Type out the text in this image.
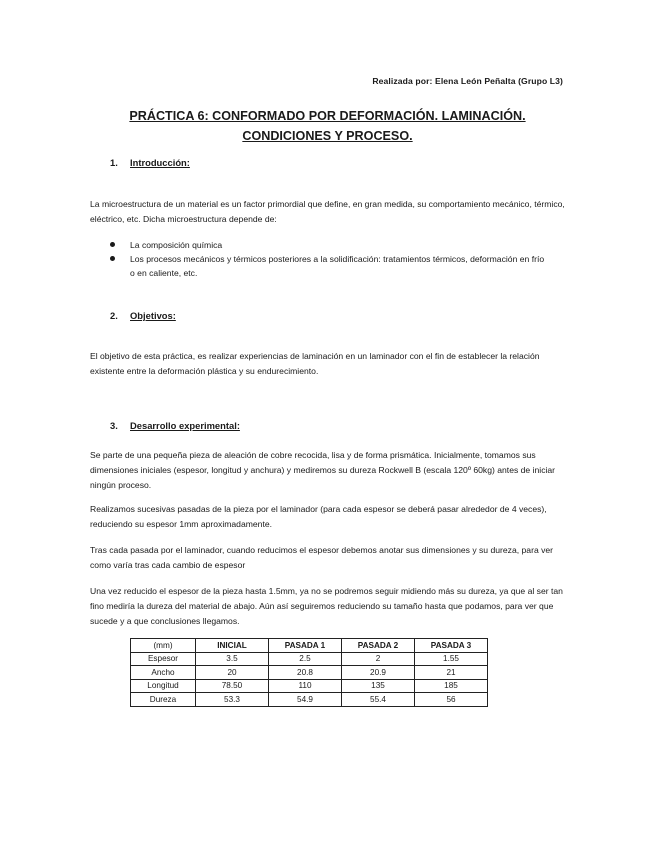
Realizada por: Elena León Peñalta (Grupo L3)
PRÁCTICA 6: CONFORMADO POR DEFORMACIÓN. LAMINACIÓN.
CONDICIONES Y PROCESO.
1. Introducción:

La microestructura de un material es un factor primordial que define, en gran medida, su comportamiento mecánico, térmico, eléctrico, etc. Dicha microestructura depende de:

La composición química
Los procesos mecánicos y térmicos posteriores a la solidificación: tratamientos térmicos, deformación en frío o en caliente, etc.
2. Objetivos:

El objetivo de esta práctica, es realizar experiencias de laminación en un laminador con el fin de establecer la relación existente entre la deformación plástica y su endurecimiento.

3. Desarrollo experimental:

Se parte de una pequeña pieza de aleación de cobre recocida, lisa y de forma prismática. Inicialmente, tomamos sus dimensiones iniciales (espesor, longitud y anchura) y mediremos su dureza Rockwell B (escala 120º 60kg) antes de iniciar ningún proceso.

Realizamos sucesivas pasadas de la pieza por el laminador (para cada espesor se deberá pasar alrededor de 4 veces), reduciendo su espesor 1mm aproximadamente.

Tras cada pasada por el laminador, cuando reducimos el espesor debemos anotar sus dimensiones y su dureza, para ver como varía tras cada cambio de espesor

Una vez reducido el espesor de la pieza hasta 1.5mm, ya no se podremos seguir midiendo más su dureza, ya que al ser tan fino mediría la dureza del material de abajo. Aún así seguiremos reduciendo su tamaño hasta que podamos, para ver que sucede y a que conclusiones llegamos.

(mm)	INICIAL	PASADA 1	PASADA 2	PASADA 3
Espesor	3.5	2.5	2	1.55
Ancho	20	20.8	20.9	21
Longitud	78.50	110	135	185
Dureza	53.3	54.9	55.4	56
